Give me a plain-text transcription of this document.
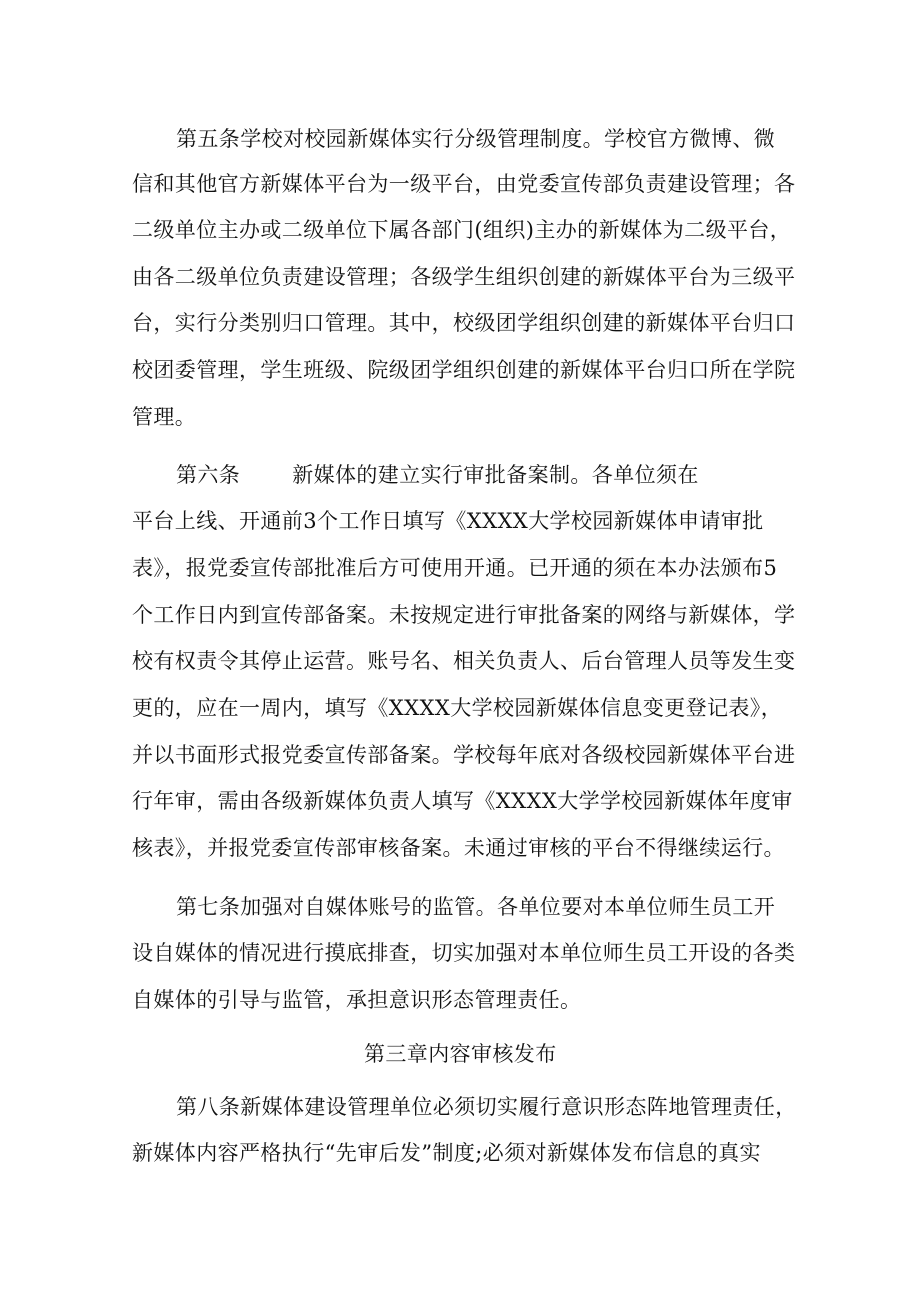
第五条学校对校园新媒体实行分级管理制度。学校官方微博、微
信和其他官方新媒体平台为一级平台，由党委宣传部负责建设管理；各
二级单位主办或二级单位下属各部门(组织)主办的新媒体为二级平台，
由各二级单位负责建设管理；各级学生组织创建的新媒体平台为三级平
台，实行分类别归口管理。其中，校级团学组织创建的新媒体平台归口
校团委管理，学生班级、院级团学组织创建的新媒体平台归口所在学院
管理。
第六条 新媒体的建立实行审批备案制。各单位须在
平台上线、开通前3个工作日填写《XXXX大学校园新媒体申请审批
表》，报党委宣传部批准后方可使用开通。已开通的须在本办法颁布5
个工作日内到宣传部备案。未按规定进行审批备案的网络与新媒体，学
校有权责令其停止运营。账号名、相关负责人、后台管理人员等发生变
更的，应在一周内，填写《XXXX大学校园新媒体信息变更登记表》，
并以书面形式报党委宣传部备案。学校每年底对各级校园新媒体平台进
行年审，需由各级新媒体负责人填写《XXXX大学学校园新媒体年度审
核表》，并报党委宣传部审核备案。未通过审核的平台不得继续运行。
第七条加强对自媒体账号的监管。各单位要对本单位师生员工开
设自媒体的情况进行摸底排查，切实加强对本单位师生员工开设的各类
自媒体的引导与监管，承担意识形态管理责任。
第三章内容审核发布
第八条新媒体建设管理单位必须切实履行意识形态阵地管理责任，
新媒体内容严格执行“先审后发”制度;必须对新媒体发布信息的真实
